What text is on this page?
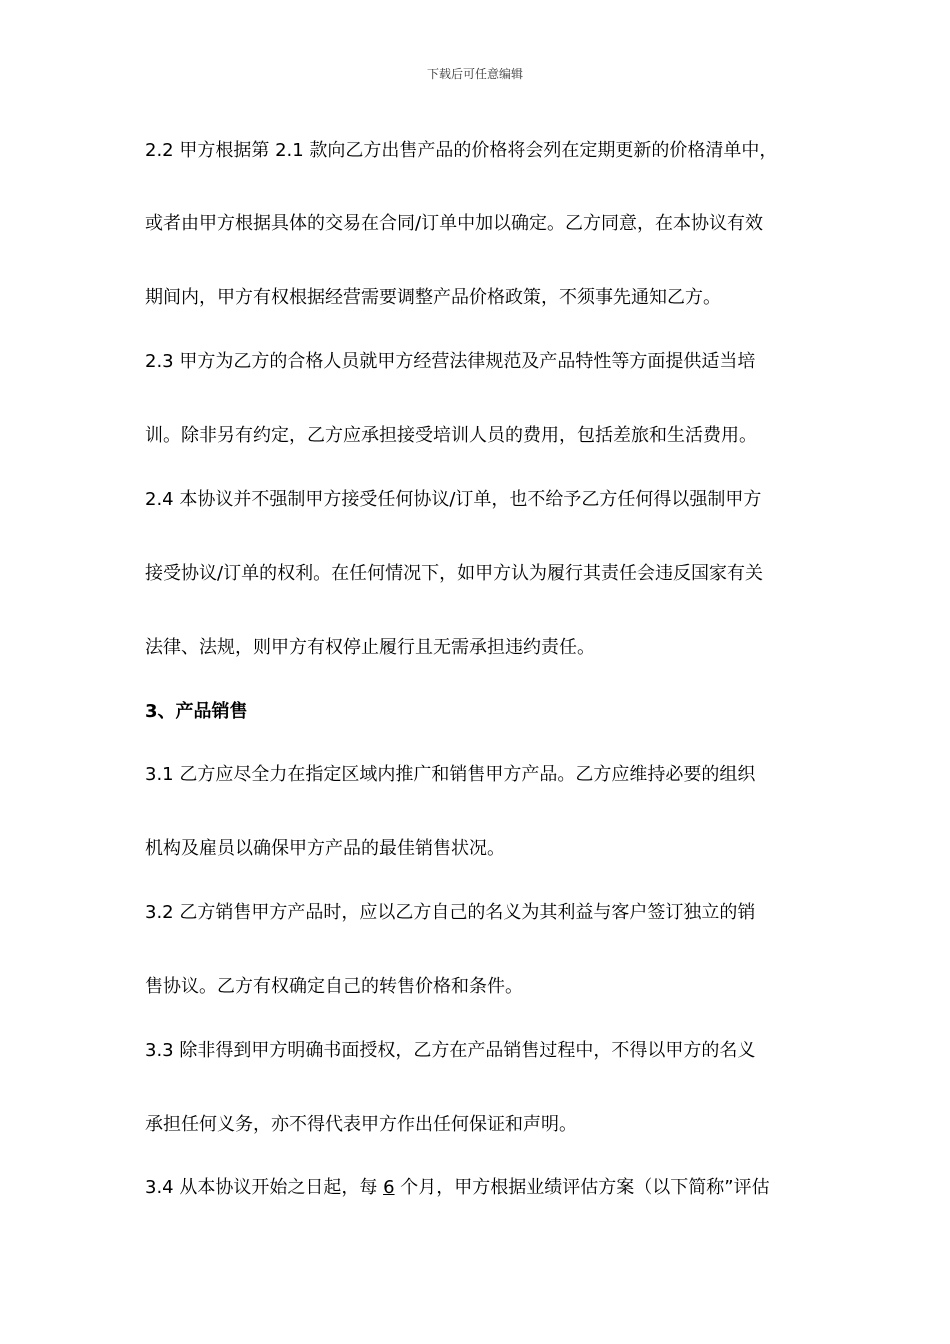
下载后可任意编辑
2.2 甲方根据第 2.1 款向乙方出售产品的价格将会列在定期更新的价格清单中，
或者由甲方根据具体的交易在合同/订单中加以确定。乙方同意，在本协议有效
期间内，甲方有权根据经营需要调整产品价格政策，不须事先通知乙方。
2.3 甲方为乙方的合格人员就甲方经营法律规范及产品特性等方面提供适当培
训。除非另有约定，乙方应承担接受培训人员的费用，包括差旅和生活费用。
2.4 本协议并不强制甲方接受任何协议/订单，也不给予乙方任何得以强制甲方
接受协议/订单的权利。在任何情况下，如甲方认为履行其责任会违反国家有关
法律、法规，则甲方有权停止履行且无需承担违约责任。
3、产品销售
3.1 乙方应尽全力在指定区域内推广和销售甲方产品。乙方应维持必要的组织
机构及雇员以确保甲方产品的最佳销售状况。
3.2 乙方销售甲方产品时，应以乙方自己的名义为其利益与客户签订独立的销
售协议。乙方有权确定自己的转售价格和条件。
3.3 除非得到甲方明确书面授权，乙方在产品销售过程中，不得以甲方的名义
承担任何义务，亦不得代表甲方作出任何保证和声明。
3.4 从本协议开始之日起，每 6 个月，甲方根据业绩评估方案（以下简称”评估
